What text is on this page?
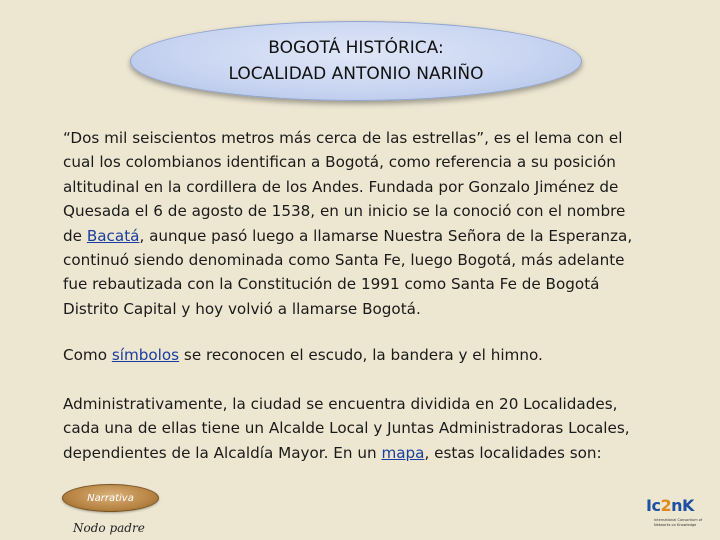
BOGOTÁ HISTÓRICA:
LOCALIDAD ANTONIO NARIÑO

“Dos mil seiscientos metros más cerca de las estrellas”, es el lema con el
cual los colombianos identifican a Bogotá, como referencia a su posición
altitudinal en la cordillera de los Andes. Fundada por Gonzalo Jiménez de
Quesada el 6 de agosto de 1538, en un inicio se la conoció con el nombre
de Bacatá, aunque pasó luego a llamarse Nuestra Señora de la Esperanza,
continuó siendo denominada como Santa Fe, luego Bogotá, más adelante
fue rebautizada con la Constitución de 1991 como Santa Fe de Bogotá
Distrito Capital y hoy volvió a llamarse Bogotá.

Como símbolos se reconocen el escudo, la bandera y el himno.

Administrativamente, la ciudad se encuentra dividida en 20 Localidades,
cada una de ellas tiene un Alcalde Local y Juntas Administradoras Locales,
dependientes de la Alcaldía Mayor. En un mapa, estas localidades son:

Narrativa
Nodo padre
Ic2nK
International Consortium of Networks on Knowledge
